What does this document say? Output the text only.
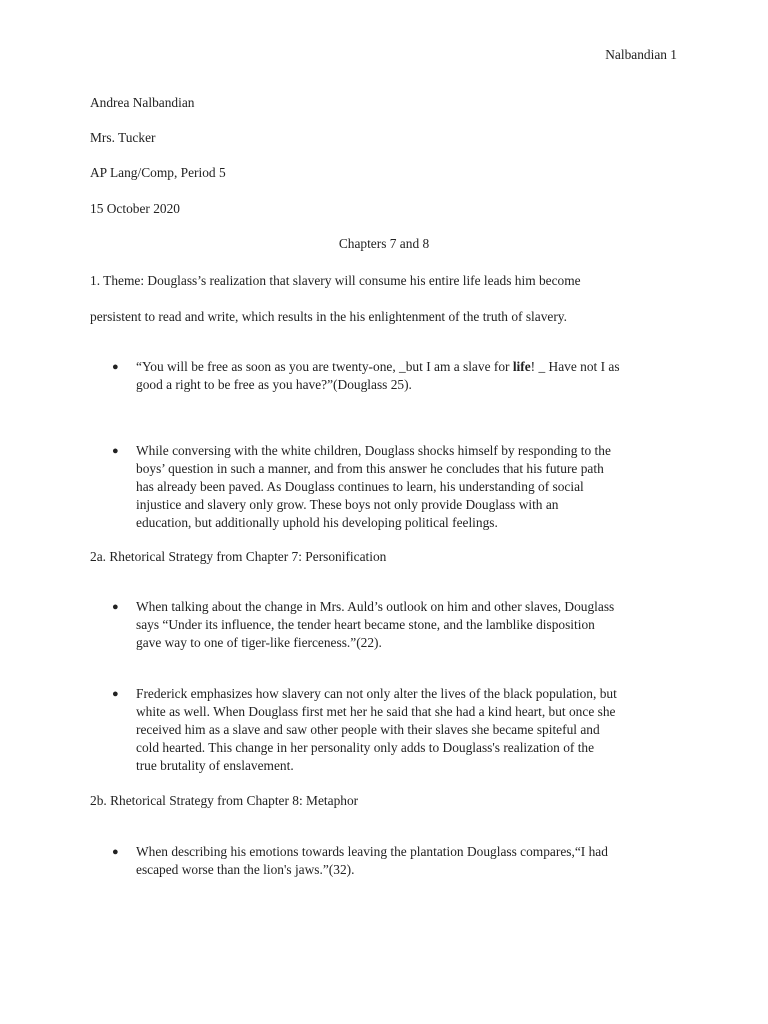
Nalbandian 1
Andrea Nalbandian
Mrs. Tucker
AP Lang/Comp, Period 5
15 October 2020
Chapters 7 and 8
1. Theme: Douglass’s realization that slavery will consume his entire life leads him become
persistent to read and write, which results in the his enlightenment of the truth of slavery.
● “You will be free as soon as you are twenty-one, _but I am a slave for life! _ Have not I as
good a right to be free as you have?”(Douglass 25).
● While conversing with the white children, Douglass shocks himself by responding to the
boys’ question in such a manner, and from this answer he concludes that his future path
has already been paved. As Douglass continues to learn, his understanding of social
injustice and slavery only grow. These boys not only provide Douglass with an
education, but additionally uphold his developing political feelings.
2a. Rhetorical Strategy from Chapter 7: Personification
● When talking about the change in Mrs. Auld’s outlook on him and other slaves, Douglass
says “Under its influence, the tender heart became stone, and the lamblike disposition
gave way to one of tiger-like fierceness.”(22).
● Frederick emphasizes how slavery can not only alter the lives of the black population, but
white as well. When Douglass first met her he said that she had a kind heart, but once she
received him as a slave and saw other people with their slaves she became spiteful and
cold hearted. This change in her personality only adds to Douglass's realization of the
true brutality of enslavement.
2b. Rhetorical Strategy from Chapter 8: Metaphor
● When describing his emotions towards leaving the plantation Douglass compares,“I had
escaped worse than the lion's jaws.”(32).
